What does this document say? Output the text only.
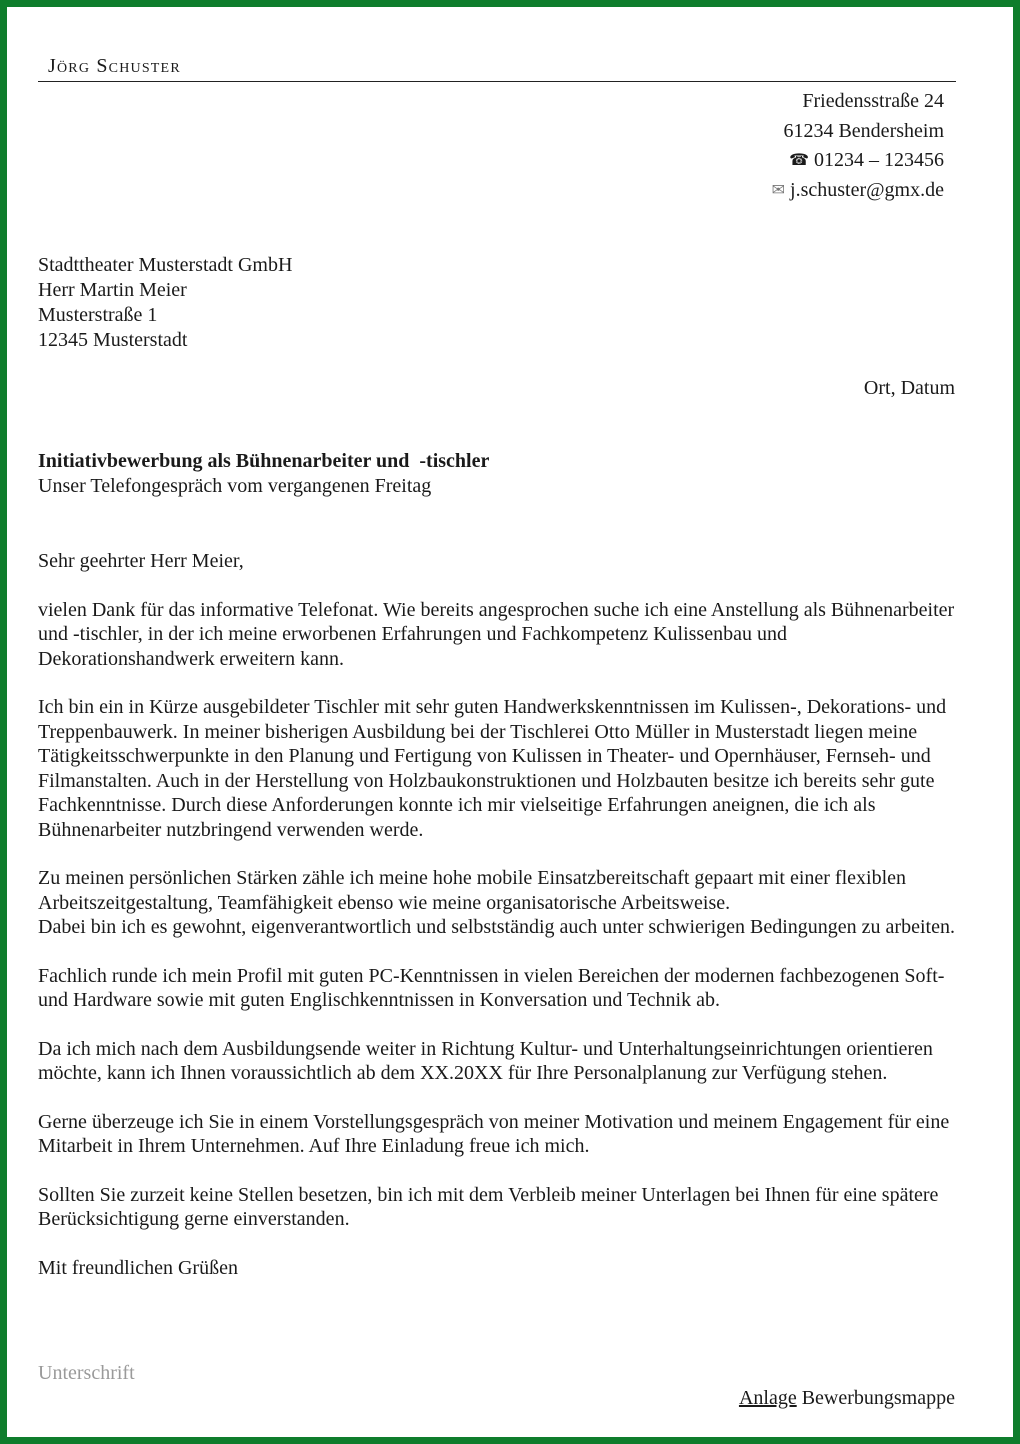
Jörg Schuster
Friedensstraße 24
61234 Bendersheim
☎ 01234 – 123456
✉ j.schuster@gmx.de
Stadttheater Musterstadt GmbH
Herr Martin Meier
Musterstraße 1
12345 Musterstadt
Ort, Datum
Initiativbewerbung als Bühnenarbeiter und  -tischler
Unser Telefongespräch vom vergangenen Freitag

Sehr geehrter Herr Meier,

vielen Dank für das informative Telefonat. Wie bereits angesprochen suche ich eine Anstellung als Bühnenarbeiter und -tischler, in der ich meine erworbenen Erfahrungen und Fachkompetenz Kulissenbau und Dekorationshandwerk erweitern kann.

Ich bin ein in Kürze ausgebildeter Tischler mit sehr guten Handwerkskenntnissen im Kulissen-, Dekorations- und Treppenbauwerk. In meiner bisherigen Ausbildung bei der Tischlerei Otto Müller in Musterstadt liegen meine Tätigkeitsschwerpunkte in den Planung und Fertigung von Kulissen in Theater- und Opernhäuser, Fernseh- und Filmanstalten. Auch in der Herstellung von Holzbaukonstruktionen und Holzbauten besitze ich bereits sehr gute Fachkenntnisse. Durch diese Anforderungen konnte ich mir vielseitige Erfahrungen aneignen, die ich als Bühnenarbeiter nutzbringend verwenden werde.

Zu meinen persönlichen Stärken zähle ich meine hohe mobile Einsatzbereitschaft gepaart mit einer flexiblen Arbeitszeitgestaltung, Teamfähigkeit ebenso wie meine organisatorische Arbeitsweise.

Dabei bin ich es gewohnt, eigenverantwortlich und selbstständig auch unter schwierigen Bedingungen zu arbeiten.

Fachlich runde ich mein Profil mit guten PC-Kenntnissen in vielen Bereichen der modernen fachbezogenen Soft- und Hardware sowie mit guten Englischkenntnissen in Konversation und Technik ab.

Da ich mich nach dem Ausbildungsende weiter in Richtung Kultur- und Unterhaltungseinrichtungen orientieren möchte, kann ich Ihnen voraussichtlich ab dem XX.20XX für Ihre Personalplanung zur Verfügung stehen.

Gerne überzeuge ich Sie in einem Vorstellungsgespräch von meiner Motivation und meinem Engagement für eine Mitarbeit in Ihrem Unternehmen. Auf Ihre Einladung freue ich mich.

Sollten Sie zurzeit keine Stellen besetzen, bin ich mit dem Verbleib meiner Unterlagen bei Ihnen für eine spätere Berücksichtigung gerne einverstanden.

Mit freundlichen Grüßen

Unterschrift
Anlage Bewerbungsmappe
